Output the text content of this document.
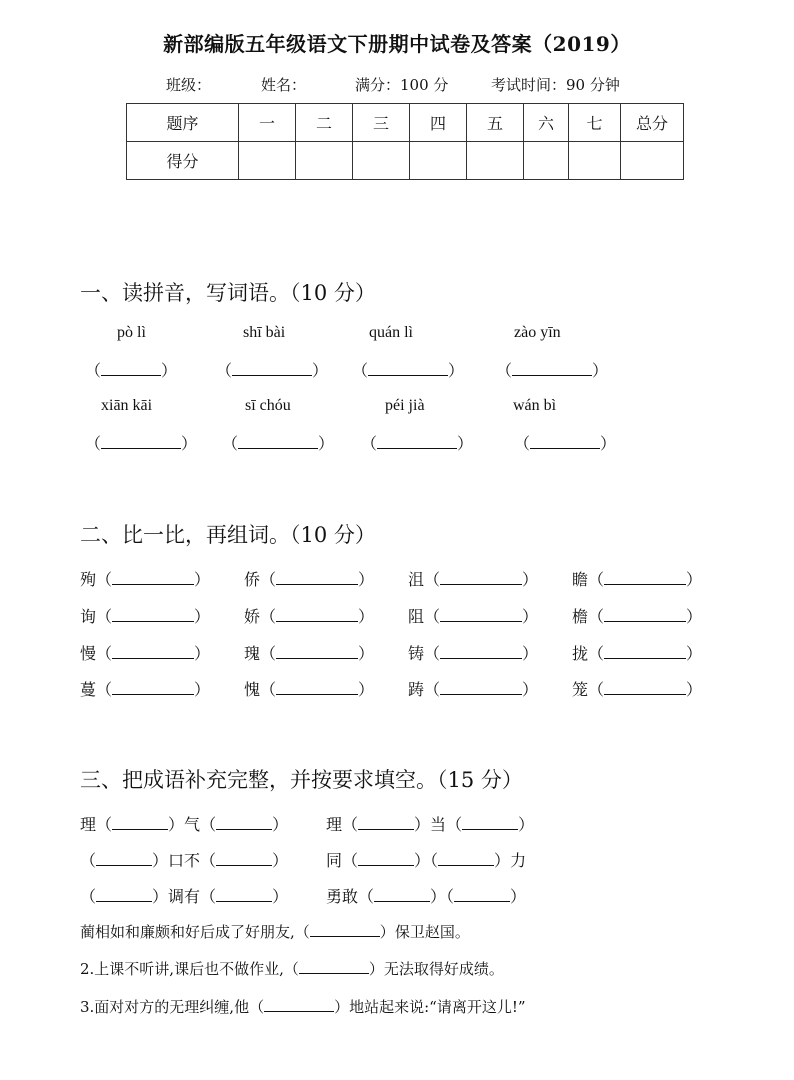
新部编版五年级语文下册期中试卷及答案（2019）
班级：	姓名：	满分：100 分	考试时间：90 分钟
题序	一	二	三	四	五	六	七	总分
得分								
一、读拼音，写词语。（10 分）
pò lì	shī bài	quán lì	zào yīn
（	） （	） （	） （	）
xiān kāi	sī chóu	péi jià	wán bì
（	） （	） （	）	（	）
二、比一比，再组词。（10 分）
殉（	） 侨（	） 沮（	） 瞻（	）
询（	） 娇（	） 阻（	） 檐（	）
慢（	） 瑰（	） 铸（	） 拢（	）
蔓（	） 愧（	） 踌（	） 笼（	）
三、把成语补充完整，并按要求填空。（15 分）
理（	）气（	） 理（	）当（	）
（	）口不（	） 同（	）（	）力
（	）调有（	） 勇敢（	）（	）
蔺相如和廉颇和好后成了好朋友,（	）保卫赵国。
2.上课不听讲,课后也不做作业,（	）无法取得好成绩。
3.面对对方的无理纠缠,他（	）地站起来说:“请离开这儿!”
